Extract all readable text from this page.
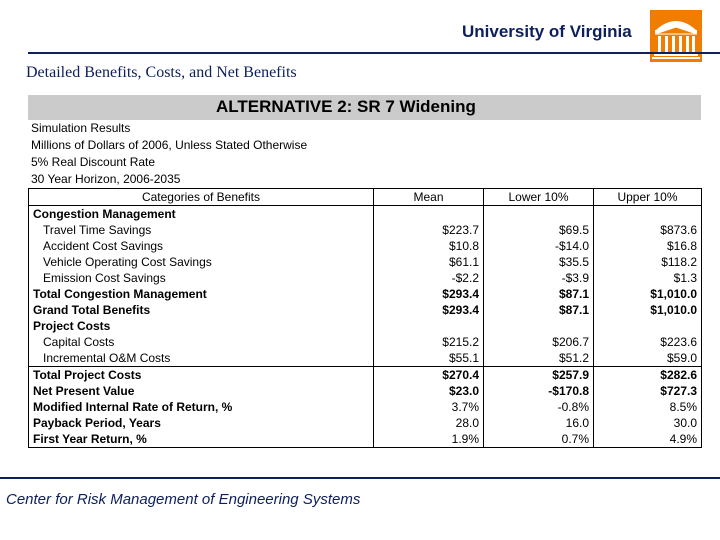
University of Virginia
Detailed Benefits, Costs, and Net Benefits
ALTERNATIVE 2: SR 7 Widening
Simulation Results
Millions of Dollars of 2006, Unless Stated Otherwise
5% Real Discount Rate
30 Year Horizon, 2006-2035
Categories of Benefits	Mean	Lower 10%	Upper 10%
Congestion Management			
Travel Time Savings	$223.7	$69.5	$873.6
Accident Cost Savings	$10.8	-$14.0	$16.8
Vehicle Operating Cost Savings	$61.1	$35.5	$118.2
Emission Cost Savings	-$2.2	-$3.9	$1.3
Total Congestion Management	$293.4	$87.1	$1,010.0
Grand Total Benefits	$293.4	$87.1	$1,010.0
Project Costs			
Capital Costs	$215.2	$206.7	$223.6
Incremental O&M Costs	$55.1	$51.2	$59.0
Total Project Costs	$270.4	$257.9	$282.6
Net Present Value	$23.0	-$170.8	$727.3
Modified Internal Rate of Return, %	3.7%	-0.8%	8.5%
Payback Period, Years	28.0	16.0	30.0
First Year Return, %	1.9%	0.7%	4.9%
Center for Risk Management of Engineering Systems
